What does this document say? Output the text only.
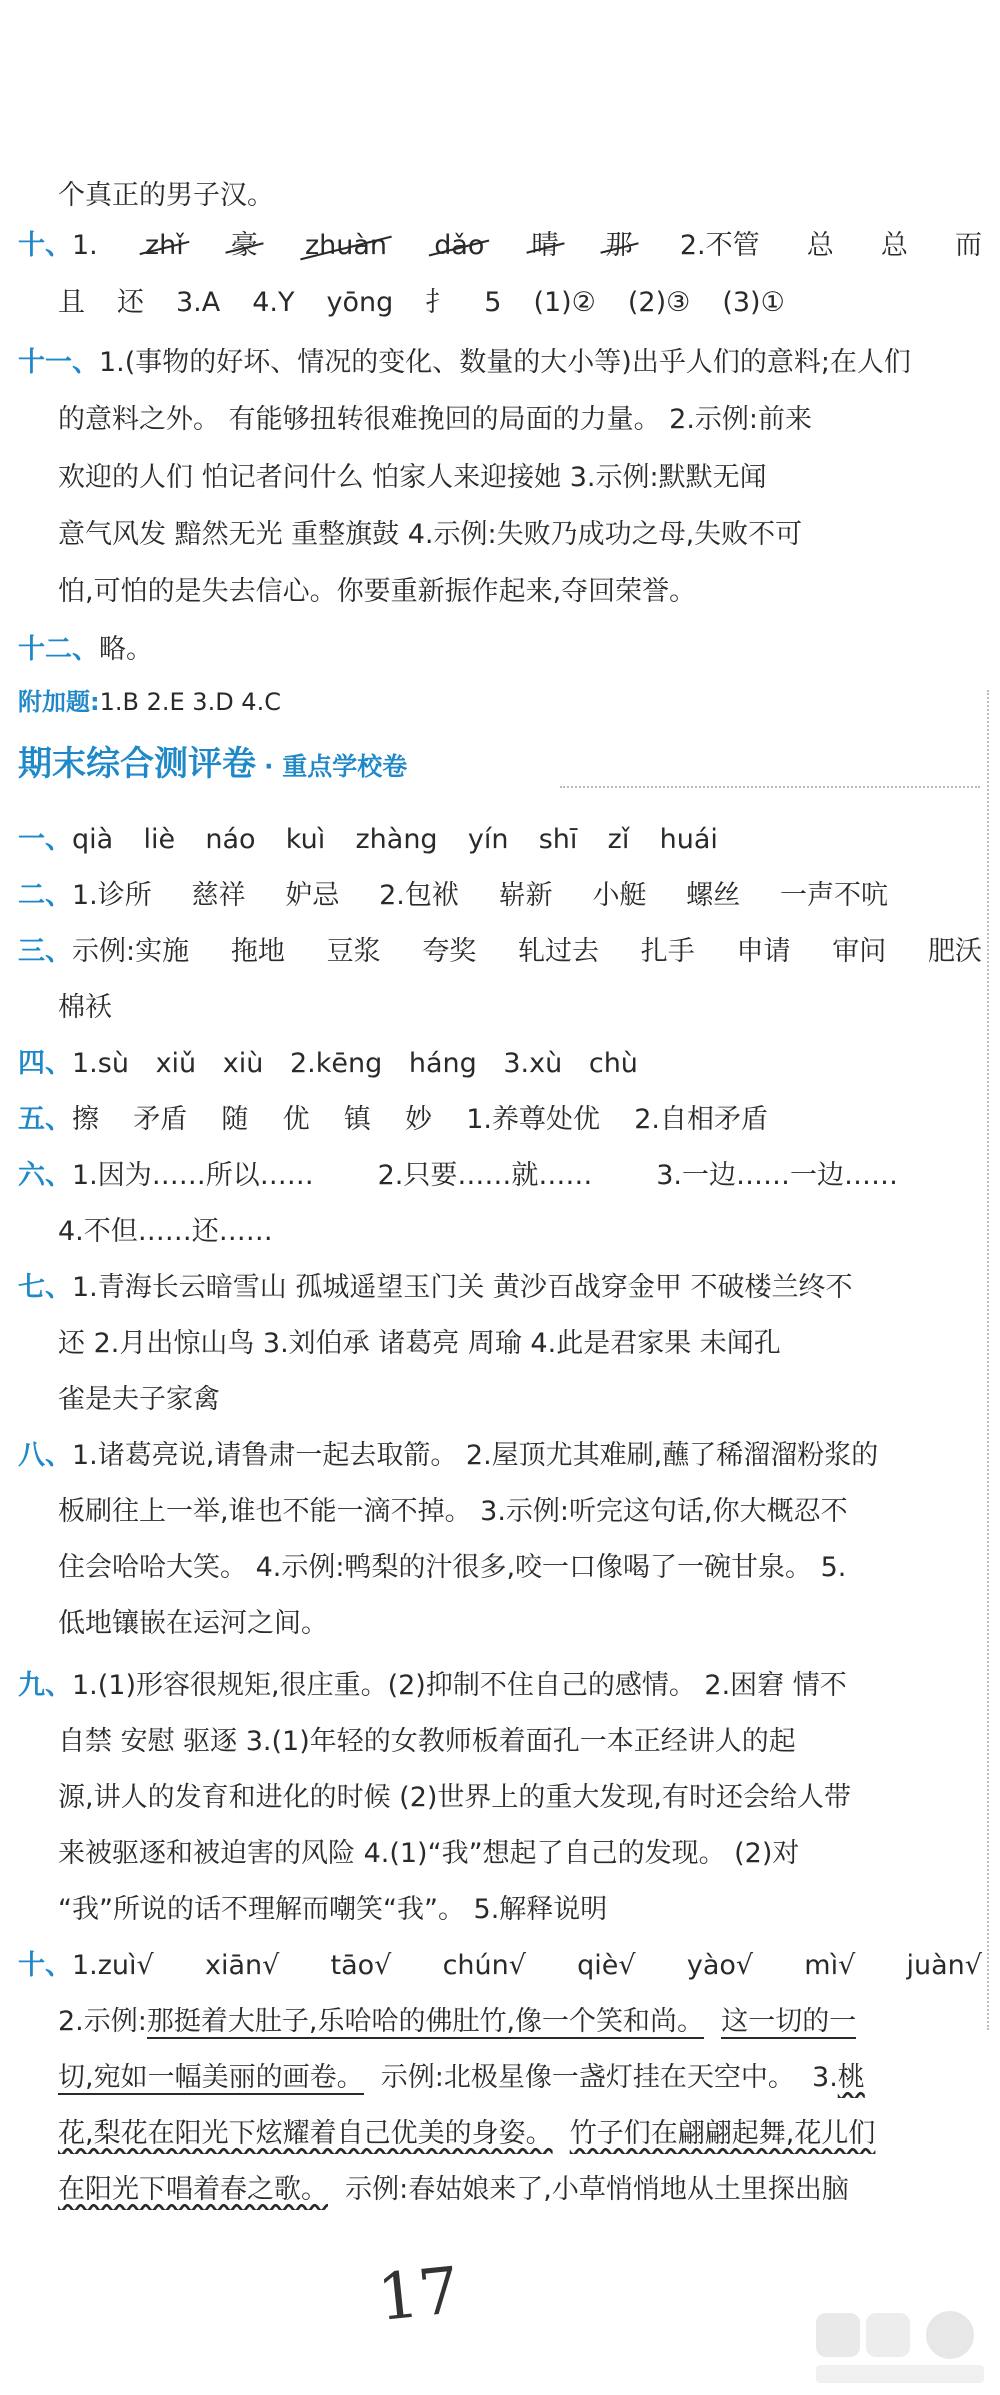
个真正的男子汉。
十、1. zhǐ 豪 zhuàn dǎo 晴 那 2.不管 总 总 而
且 还 3.A 4.Y yōng 扌 5 (1)② (2)③ (3)①
十一、1.(事物的好坏、情况的变化、数量的大小等)出乎人们的意料;在人们
的意料之外。 有能够扭转很难挽回的局面的力量。 2.示例:前来
欢迎的人们 怕记者问什么 怕家人来迎接她 3.示例:默默无闻
意气风发 黯然无光 重整旗鼓 4.示例:失败乃成功之母,失败不可
怕,可怕的是失去信心。你要重新振作起来,夺回荣誉。
十二、略。
附加题:1.B 2.E 3.D 4.C
期末综合测评卷 · 重点学校卷
一、qià liè náo kuì zhàng yín shī zǐ huái
二、1.诊所 慈祥 妒忌 2.包袱 崭新 小艇 螺丝 一声不吭
三、示例:实施 拖地 豆浆 夸奖 轧过去 扎手 申请 审问 肥沃
棉袄
四、1.sù xiǔ xiù 2.kēng háng 3.xù chù
五、擦 矛盾 随 优 镇 妙 1.养尊处优 2.自相矛盾
六、1.因为……所以…… 2.只要……就…… 3.一边……一边……
4.不但……还……
七、1.青海长云暗雪山 孤城遥望玉门关 黄沙百战穿金甲 不破楼兰终不
还 2.月出惊山鸟 3.刘伯承 诸葛亮 周瑜 4.此是君家果 未闻孔
雀是夫子家禽
八、1.诸葛亮说,请鲁肃一起去取箭。 2.屋顶尤其难刷,蘸了稀溜溜粉浆的
板刷往上一举,谁也不能一滴不掉。 3.示例:听完这句话,你大概忍不
住会哈哈大笑。 4.示例:鸭梨的汁很多,咬一口像喝了一碗甘泉。 5.
低地镶嵌在运河之间。
九、1.(1)形容很规矩,很庄重。(2)抑制不住自己的感情。 2.困窘 情不
自禁 安慰 驱逐 3.(1)年轻的女教师板着面孔一本正经讲人的起
源,讲人的发育和进化的时候 (2)世界上的重大发现,有时还会给人带
来被驱逐和被迫害的风险 4.(1)“我”想起了自己的发现。 (2)对
“我”所说的话不理解而嘲笑“我”。 5.解释说明
十、1.zuì√ xiān√ tāo√ chún√ qiè√ yào√ mì√ juàn√
2.示例:那挺着大肚子,乐哈哈的佛肚竹,像一个笑和尚。 这一切的一
切,宛如一幅美丽的画卷。  示例:北极星像一盏灯挂在天空中。  3.桃
花,梨花在阳光下炫耀着自己优美的身姿。 竹子们在翩翩起舞,花儿们
在阳光下唱着春之歌。  示例:春姑娘来了,小草悄悄地从土里探出脑
17
